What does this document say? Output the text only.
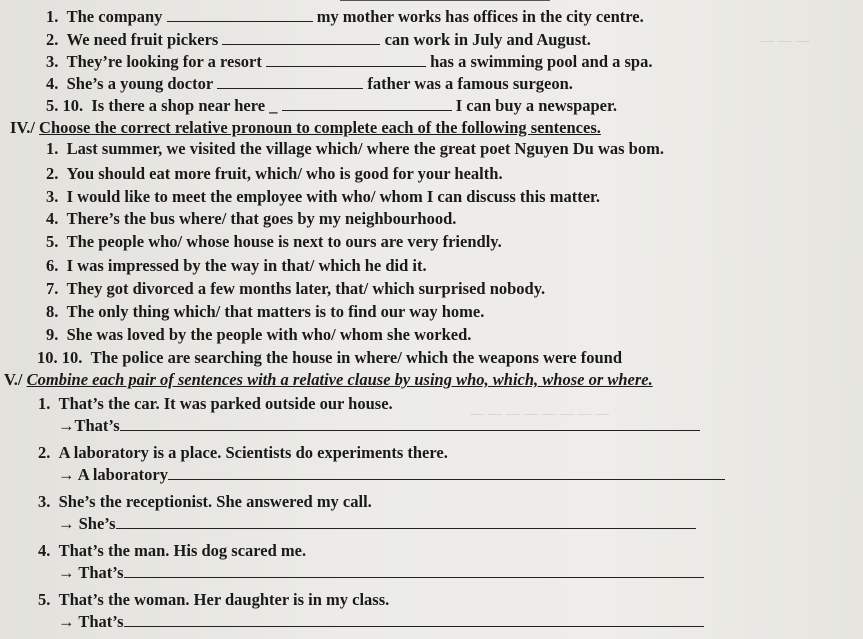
— — —
— — — — — — — —
1. The company	my mother works has offices in the city centre.
2. We need fruit pickers	can work in July and August.
3. They’re looking for a resort	has a swimming pool and a spa.
4. She’s a young doctor	father was a famous surgeon.
5. 10. Is there a shop near here _	I can buy a newspaper.
IV./ Choose the correct relative pronoun to complete each of the following sentences.
1. Last summer, we visited the village which/ where the great poet Nguyen Du was bom.
2. You should eat more fruit, which/ who is good for your health.
3. I would like to meet the employee with who/ whom I can discuss this matter.
4. There’s the bus where/ that goes by my neighbourhood.
5. The people who/ whose house is next to ours are very friendly.
6. I was impressed by the way in that/ which he did it.
7. They got divorced a few months later, that/ which surprised nobody.
8. The only thing which/ that matters is to find our way home.
9. She was loved by the people with who/ whom she worked.
10. 10. The police are searching the house in where/ which the weapons were found
V./ Combine each pair of sentences with a relative clause by using who, which, whose or where.
1. That’s the car. It was parked outside our house.
→That’s
2. A laboratory is a place. Scientists do experiments there.
→ A laboratory
3. She’s the receptionist. She answered my call.
→ She’s
4. That’s the man. His dog scared me.
→ That’s
5. That’s the woman. Her daughter is in my class.
→ That’s
